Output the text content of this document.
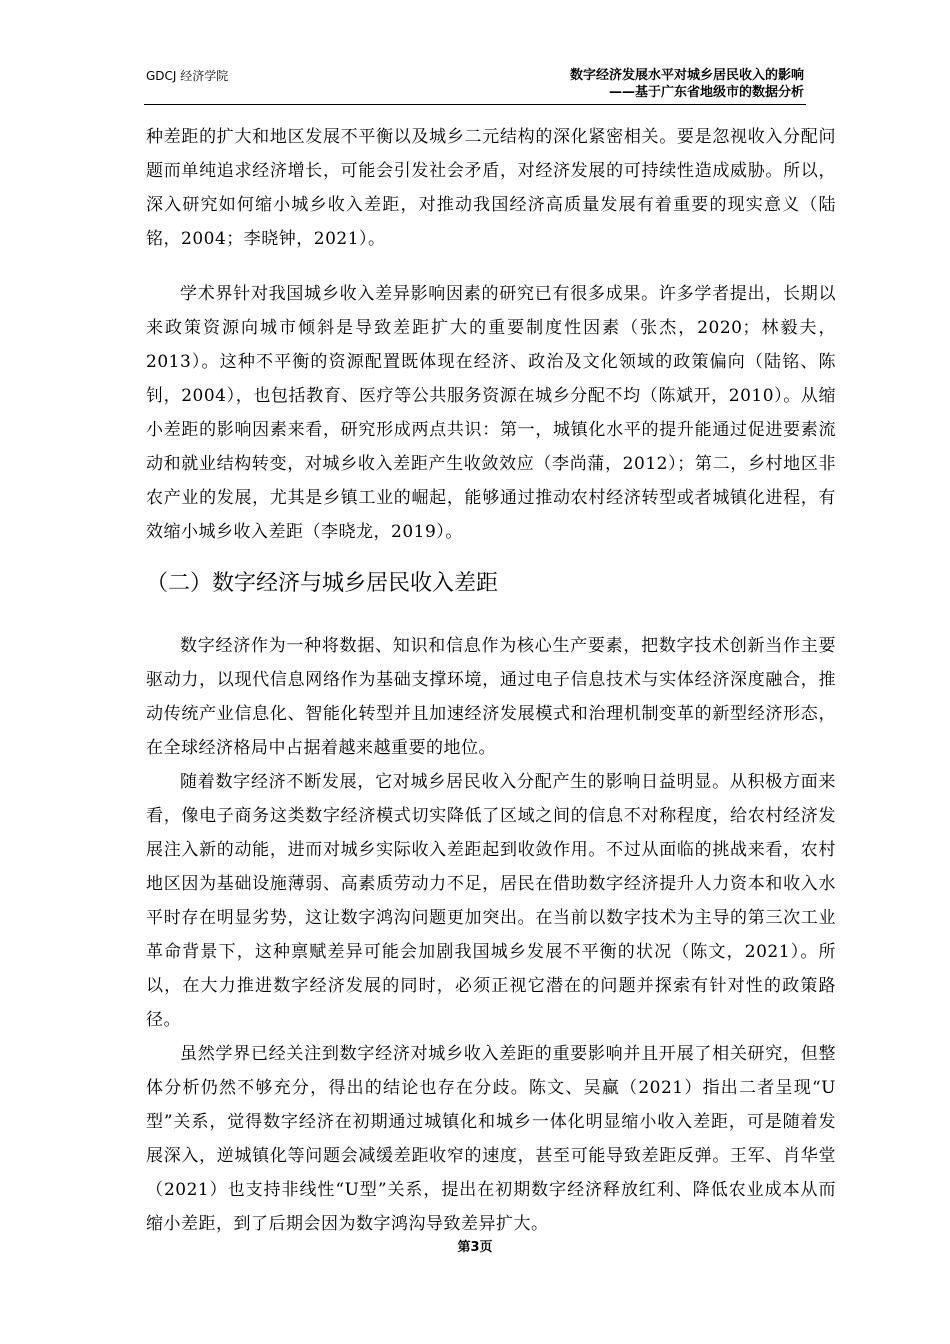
GDCJ 经济学院	数字经济发展水平对城乡居民收入的影响
——基于广东省地级市的数据分析

种差距的扩大和地区发展不平衡以及城乡二元结构的深化紧密相关。要是忽视收入分配问题而单纯追求经济增长，可能会引发社会矛盾，对经济发展的可持续性造成威胁。所以，深入研究如何缩小城乡收入差距，对推动我国经济高质量发展有着重要的现实意义（陆铭，2004；李晓钟，2021）。

学术界针对我国城乡收入差异影响因素的研究已有很多成果。许多学者提出，长期以来政策资源向城市倾斜是导致差距扩大的重要制度性因素（张杰，2020；林毅夫，2013）。这种不平衡的资源配置既体现在经济、政治及文化领域的政策偏向（陆铭、陈钊，2004），也包括教育、医疗等公共服务资源在城乡分配不均（陈斌开，2010）。从缩小差距的影响因素来看，研究形成两点共识：第一，城镇化水平的提升能通过促进要素流动和就业结构转变，对城乡收入差距产生收敛效应（李尚蒲，2012）；第二，乡村地区非农产业的发展，尤其是乡镇工业的崛起，能够通过推动农村经济转型或者城镇化进程，有效缩小城乡收入差距（李晓龙，2019）。

（二）数字经济与城乡居民收入差距

数字经济作为一种将数据、知识和信息作为核心生产要素，把数字技术创新当作主要驱动力，以现代信息网络作为基础支撑环境，通过电子信息技术与实体经济深度融合，推动传统产业信息化、智能化转型并且加速经济发展模式和治理机制变革的新型经济形态，在全球经济格局中占据着越来越重要的地位。

随着数字经济不断发展，它对城乡居民收入分配产生的影响日益明显。从积极方面来看，像电子商务这类数字经济模式切实降低了区域之间的信息不对称程度，给农村经济发展注入新的动能，进而对城乡实际收入差距起到收敛作用。不过从面临的挑战来看，农村地区因为基础设施薄弱、高素质劳动力不足，居民在借助数字经济提升人力资本和收入水平时存在明显劣势，这让数字鸿沟问题更加突出。在当前以数字技术为主导的第三次工业革命背景下，这种禀赋差异可能会加剧我国城乡发展不平衡的状况（陈文，2021）。所以，在大力推进数字经济发展的同时，必须正视它潜在的问题并探索有针对性的政策路径。

虽然学界已经关注到数字经济对城乡收入差距的重要影响并且开展了相关研究，但整体分析仍然不够充分，得出的结论也存在分歧。陈文、吴赢（2021）指出二者呈现“U型”关系，觉得数字经济在初期通过城镇化和城乡一体化明显缩小收入差距，可是随着发展深入，逆城镇化等问题会减缓差距收窄的速度，甚至可能导致差距反弹。王军、肖华堂（2021）也支持非线性“U型”关系，提出在初期数字经济释放红利、降低农业成本从而缩小差距，到了后期会因为数字鸿沟导致差异扩大。

第3页
